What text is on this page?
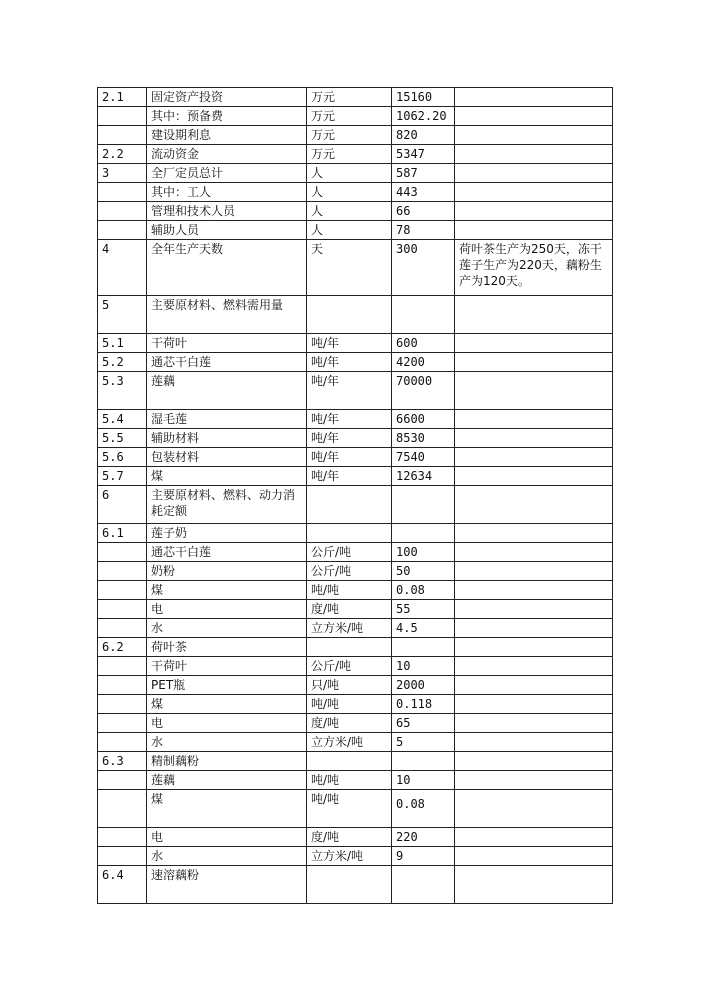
2.1	固定资产投资	万元	15160	
	其中：预备费	万元	1062.20	
	建设期利息	万元	820	
2.2	流动资金	万元	5347	
3	全厂定员总计	人	587	
	其中：工人	人	443	
	管理和技术人员	人	66	
	辅助人员	人	78	
4	全年生产天数	天	300	荷叶茶生产为250天，冻干莲子生产为220天，藕粉生产为120天。
5	主要原材料、燃料需用量			
5.1	干荷叶	吨/年	600	
5.2	通芯干白莲	吨/年	4200	
5.3	莲藕	吨/年	70000	
5.4	湿毛莲	吨/年	6600	
5.5	辅助材料	吨/年	8530	
5.6	包装材料	吨/年	7540	
5.7	煤	吨/年	12634	
6	主要原材料、燃料、动力消耗定额			
6.1	莲子奶			
	通芯干白莲	公斤/吨	100	
	奶粉	公斤/吨	50	
	煤	吨/吨	0.08	
	电	度/吨	55	
	水	立方米/吨	4.5	
6.2	荷叶茶			
	干荷叶	公斤/吨	10	
	PET瓶	只/吨	2000	
	煤	吨/吨	0.118	
	电	度/吨	65	
	水	立方米/吨	5	
6.3	精制藕粉			
	莲藕	吨/吨	10	
	煤	吨/吨	0.08	
	电	度/吨	220	
	水	立方米/吨	9	
6.4	速溶藕粉			
